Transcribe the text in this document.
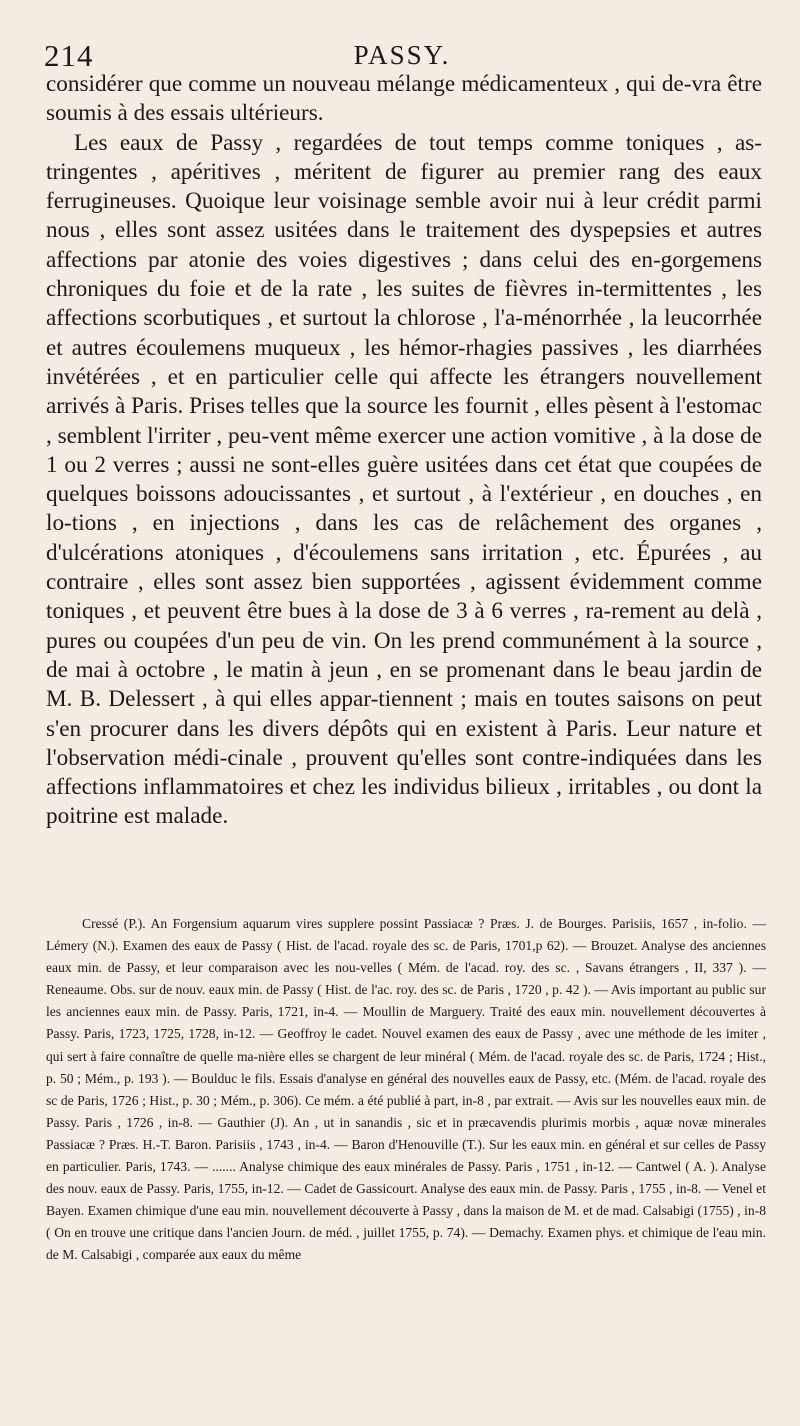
214	PASSY.

considérer que comme un nouveau mélange médicamenteux , qui de-vra être soumis à des essais ultérieurs.

Les eaux de Passy , regardées de tout temps comme toniques , as-tringentes , apéritives , méritent de figurer au premier rang des eaux ferrugineuses. Quoique leur voisinage semble avoir nui à leur crédit parmi nous , elles sont assez usitées dans le traitement des dyspepsies et autres affections par atonie des voies digestives ; dans celui des en-gorgemens chroniques du foie et de la rate , les suites de fièvres in-termittentes , les affections scorbutiques , et surtout la chlorose , l'a-ménorrhée , la leucorrhée et autres écoulemens muqueux , les hémor-rhagies passives , les diarrhées invétérées , et en particulier celle qui affecte les étrangers nouvellement arrivés à Paris. Prises telles que la source les fournit , elles pèsent à l'estomac , semblent l'irriter , peu-vent même exercer une action vomitive , à la dose de 1 ou 2 verres ; aussi ne sont-elles guère usitées dans cet état que coupées de quelques boissons adoucissantes , et surtout , à l'extérieur , en douches , en lo-tions , en injections , dans les cas de relâchement des organes , d'ulcérations atoniques , d'écoulemens sans irritation , etc. Épurées , au contraire , elles sont assez bien supportées , agissent évidemment comme toniques , et peuvent être bues à la dose de 3 à 6 verres , ra-rement au delà , pures ou coupées d'un peu de vin. On les prend communément à la source , de mai à octobre , le matin à jeun , en se promenant dans le beau jardin de M. B. Delessert , à qui elles appar-tiennent ; mais en toutes saisons on peut s'en procurer dans les divers dépôts qui en existent à Paris. Leur nature et l'observation médi-cinale , prouvent qu'elles sont contre-indiquées dans les affections inflammatoires et chez les individus bilieux , irritables , ou dont la poitrine est malade.

Cressé (P.). An Forgensium aquarum vires supplere possint Passiacæ ? Præs. J. de Bourges. Parisiis, 1657 , in-folio. — Lémery (N.). Examen des eaux de Passy ( Hist. de l'acad. royale des sc. de Paris, 1701,p 62). — Brouzet. Analyse des anciennes eaux min. de Passy, et leur comparaison avec les nou-velles ( Mém. de l'acad. roy. des sc. , Savans étrangers , II, 337 ). — Reneaume. Obs. sur de nouv. eaux min. de Passy ( Hist. de l'ac. roy. des sc. de Paris , 1720 , p. 42 ). — Avis important au public sur les anciennes eaux min. de Passy. Paris, 1721, in-4. — Moullin de Marguery. Traité des eaux min. nouvellement découvertes à Passy. Paris, 1723, 1725, 1728, in-12. — Geoffroy le cadet. Nouvel examen des eaux de Passy , avec une méthode de les imiter , qui sert à faire connaître de quelle ma-nière elles se chargent de leur minéral ( Mém. de l'acad. royale des sc. de Paris, 1724 ; Hist., p. 50 ; Mém., p. 193 ). — Boulduc le fils. Essais d'analyse en général des nouvelles eaux de Passy, etc. (Mém. de l'acad. royale des sc de Paris, 1726 ; Hist., p. 30 ; Mém., p. 306). Ce mém. a été publié à part, in-8 , par extrait. — Avis sur les nouvelles eaux min. de Passy. Paris , 1726 , in-8. — Gauthier (J). An , ut in sanandis , sic et in præcavendis plurimis morbis , aquæ novæ minerales Passiacæ ? Præs. H.-T. Baron. Parisiis , 1743 , in-4. — Baron d'Henouville (T.). Sur les eaux min. en général et sur celles de Passy en particulier. Paris, 1743. — ....... Analyse chimique des eaux minérales de Passy. Paris , 1751 , in-12. — Cantwel ( A. ). Analyse des nouv. eaux de Passy. Paris, 1755, in-12. — Cadet de Gassicourt. Analyse des eaux min. de Passy. Paris , 1755 , in-8. — Venel et Bayen. Examen chimique d'une eau min. nouvellement découverte à Passy , dans la maison de M. et de mad. Calsabigi (1755) , in-8 ( On en trouve une critique dans l'ancien Journ. de méd. , juillet 1755, p. 74). — Demachy. Examen phys. et chimique de l'eau min. de M. Calsabigi , comparée aux eaux du même
